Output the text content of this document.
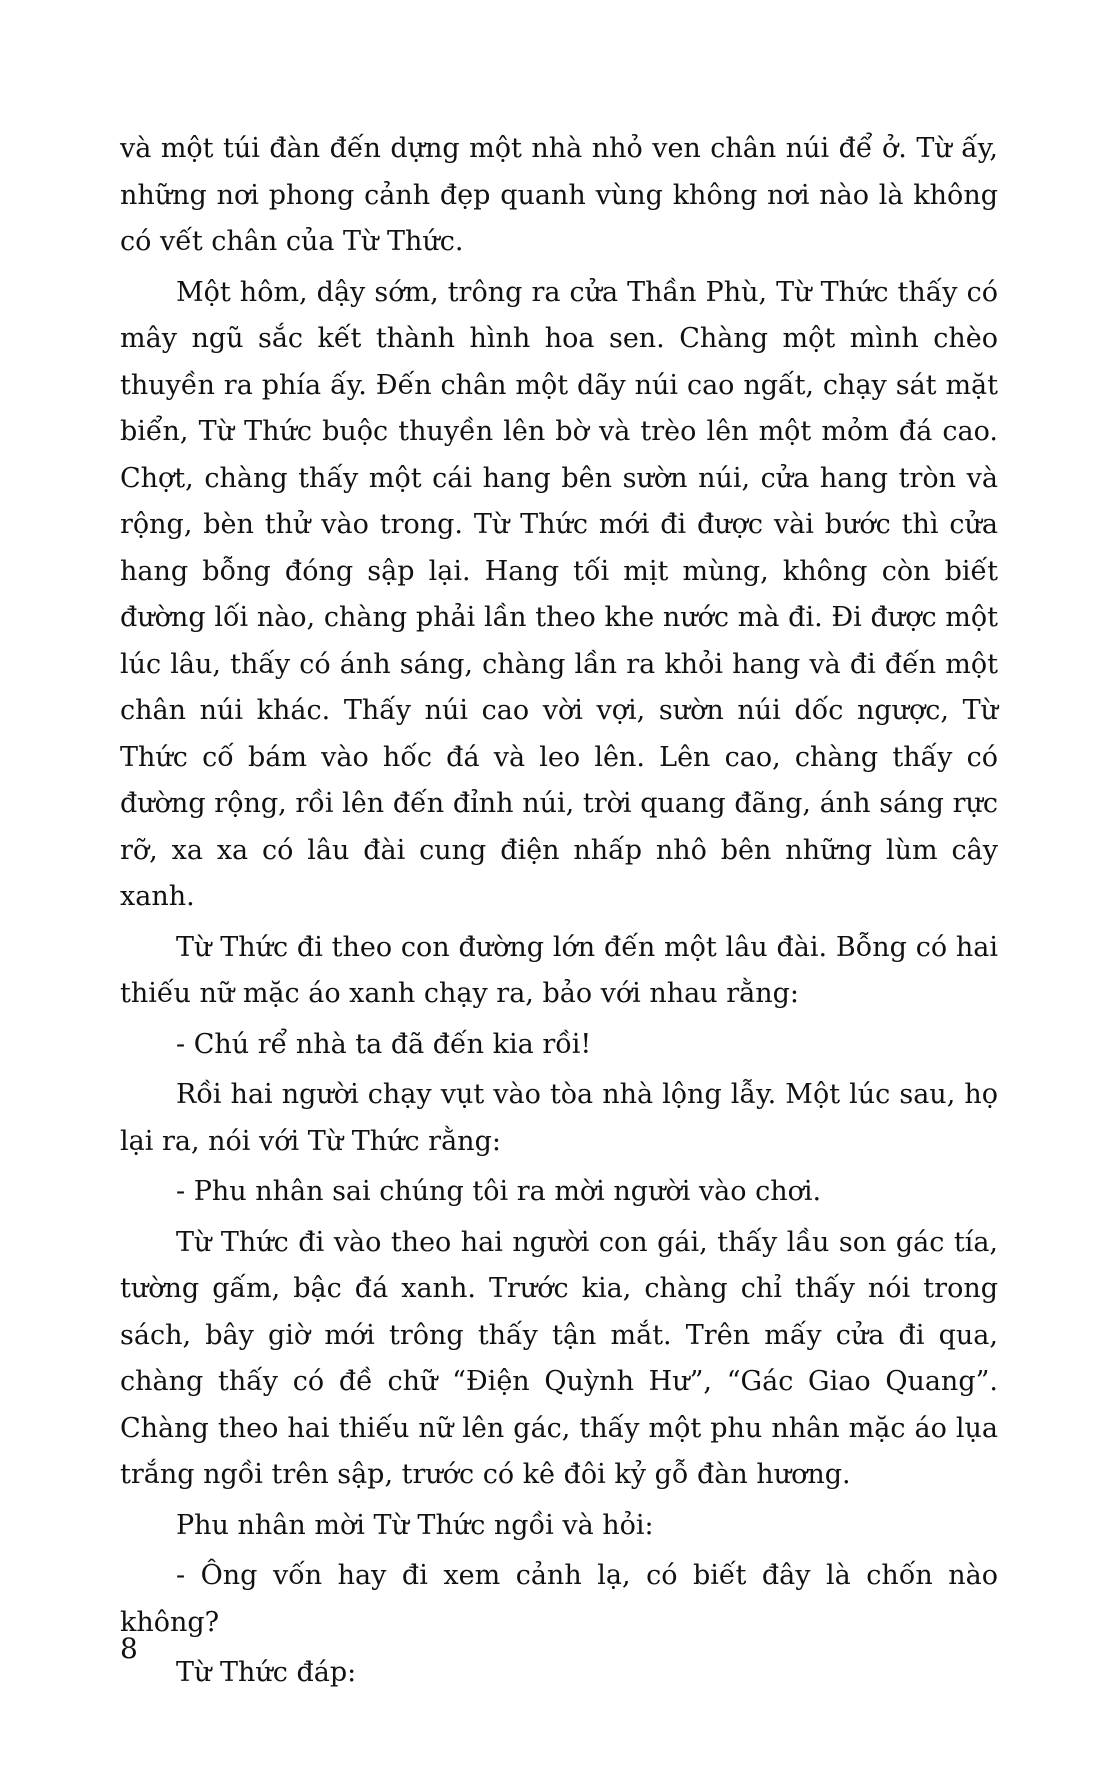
và một túi đàn đến dựng một nhà nhỏ ven chân núi để ở. Từ ấy, những nơi phong cảnh đẹp quanh vùng không nơi nào là không có vết chân của Từ Thức.

Một hôm, dậy sớm, trông ra cửa Thần Phù, Từ Thức thấy có mây ngũ sắc kết thành hình hoa sen. Chàng một mình chèo thuyền ra phía ấy. Đến chân một dãy núi cao ngất, chạy sát mặt biển, Từ Thức buộc thuyền lên bờ và trèo lên một mỏm đá cao. Chợt, chàng thấy một cái hang bên sườn núi, cửa hang tròn và rộng, bèn thử vào trong. Từ Thức mới đi được vài bước thì cửa hang bỗng đóng sập lại. Hang tối mịt mùng, không còn biết đường lối nào, chàng phải lần theo khe nước mà đi. Đi được một lúc lâu, thấy có ánh sáng, chàng lần ra khỏi hang và đi đến một chân núi khác. Thấy núi cao vời vợi, sườn núi dốc ngược, Từ Thức cố bám vào hốc đá và leo lên. Lên cao, chàng thấy có đường rộng, rồi lên đến đỉnh núi, trời quang đãng, ánh sáng rực rỡ, xa xa có lâu đài cung điện nhấp nhô bên những lùm cây xanh.

Từ Thức đi theo con đường lớn đến một lâu đài. Bỗng có hai thiếu nữ mặc áo xanh chạy ra, bảo với nhau rằng:

- Chú rể nhà ta đã đến kia rồi!

Rồi hai người chạy vụt vào tòa nhà lộng lẫy. Một lúc sau, họ lại ra, nói với Từ Thức rằng:

- Phu nhân sai chúng tôi ra mời người vào chơi.

Từ Thức đi vào theo hai người con gái, thấy lầu son gác tía, tường gấm, bậc đá xanh. Trước kia, chàng chỉ thấy nói trong sách, bây giờ mới trông thấy tận mắt. Trên mấy cửa đi qua, chàng thấy có đề chữ “Điện Quỳnh Hư”, “Gác Giao Quang”. Chàng theo hai thiếu nữ lên gác, thấy một phu nhân mặc áo lụa trắng ngồi trên sập, trước có kê đôi kỷ gỗ đàn hương.

Phu nhân mời Từ Thức ngồi và hỏi:

- Ông vốn hay đi xem cảnh lạ, có biết đây là chốn nào không?

Từ Thức đáp:

8
